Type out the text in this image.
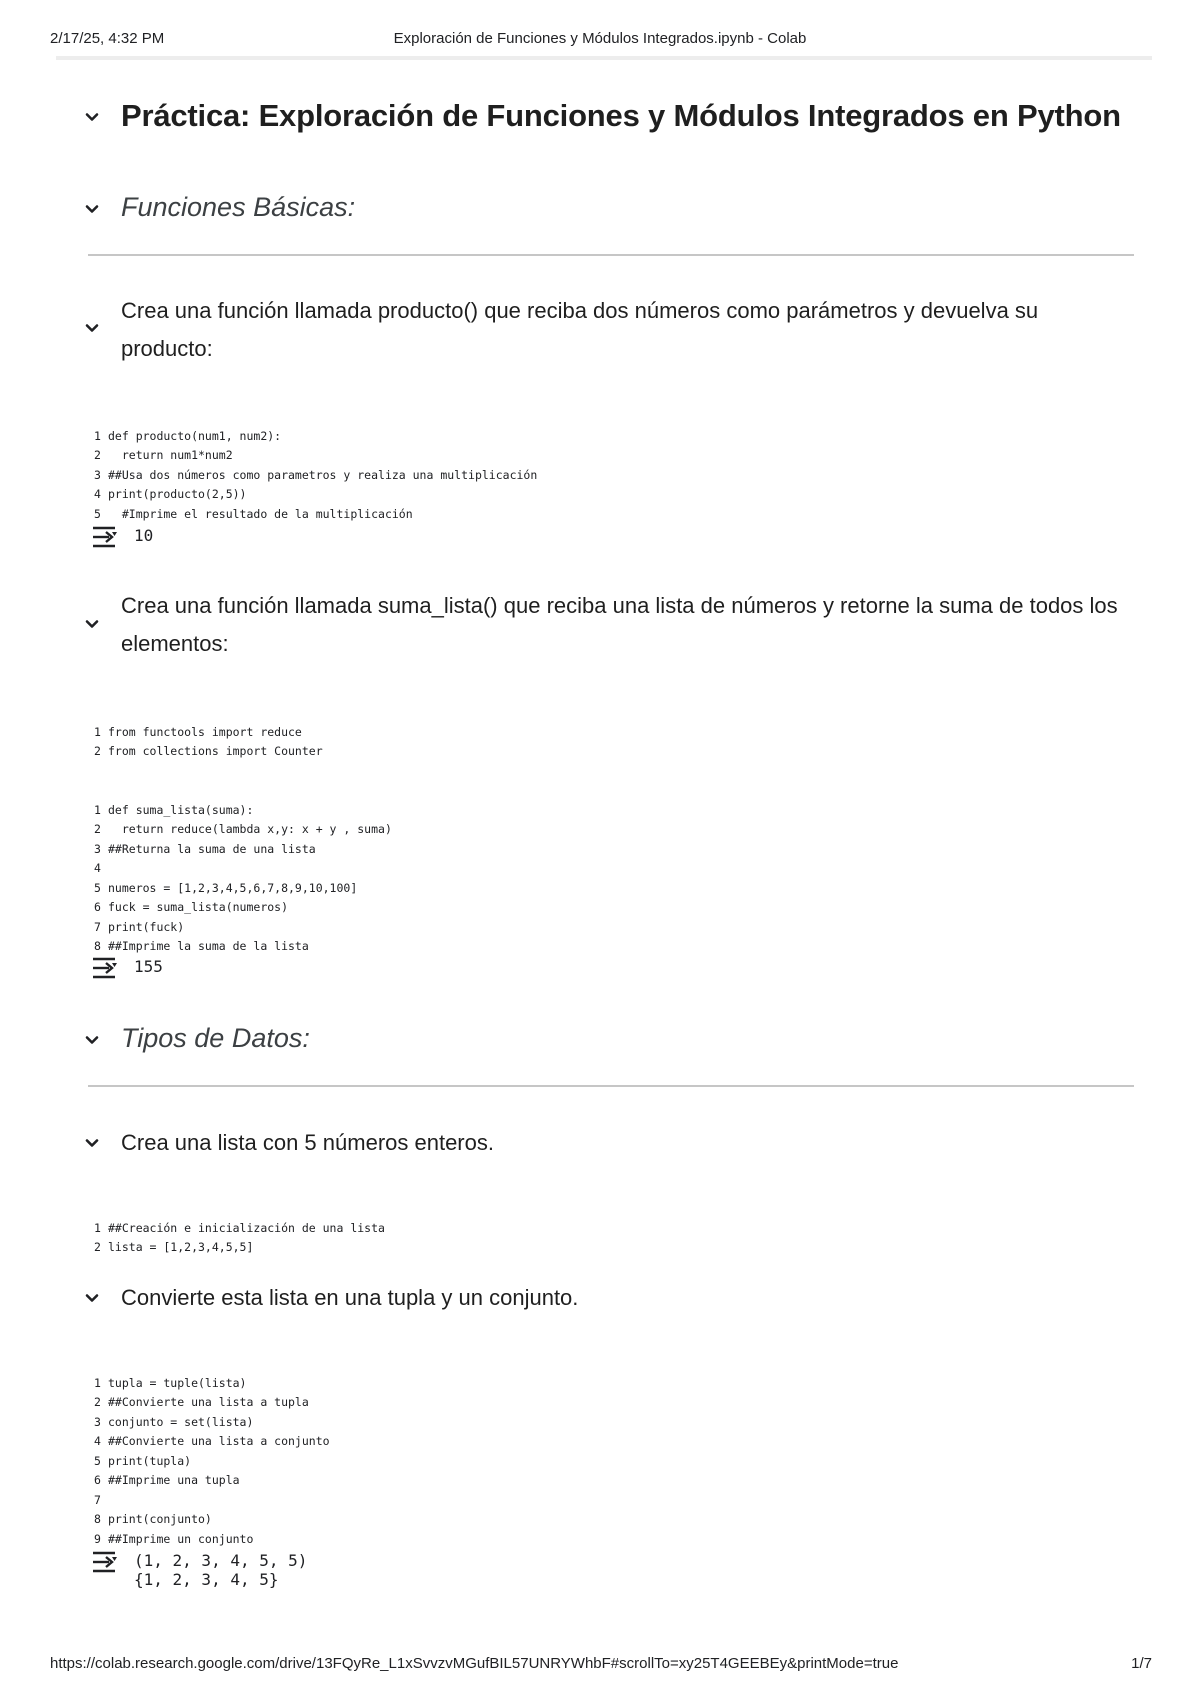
2/17/25, 4:32 PM	Exploración de Funciones y Módulos Integrados.ipynb - Colab
Práctica: Exploración de Funciones y Módulos Integrados en Python
Funciones Básicas:
Crea una función llamada producto() que reciba dos números como parámetros y devuelva su producto:

1 def producto(num1, num2):
2  return num1*num2
3 ##Usa dos números como parametros y realiza una multiplicación
4 print(producto(2,5))
5  #Imprime el resultado de la multiplicación

10
Crea una función llamada suma_lista() que reciba una lista de números y retorne la suma de todos los elementos:

1 from functools import reduce
2 from collections import Counter

1 def suma_lista(suma):
2  return reduce(lambda x,y: x + y , suma)
3 ##Returna la suma de una lista
4
5 numeros = [1,2,3,4,5,6,7,8,9,10,100]
6 fuck = suma_lista(numeros)
7 print(fuck)
8 ##Imprime la suma de la lista

155
Tipos de Datos:
Crea una lista con 5 números enteros.

1 ##Creación e inicialización de una lista
2 lista = [1,2,3,4,5,5]

Convierte esta lista en una tupla y un conjunto.

1 tupla = tuple(lista)
2 ##Convierte una lista a tupla
3 conjunto = set(lista)
4 ##Convierte una lista a conjunto
5 print(tupla)
6 ##Imprime una tupla
7
8 print(conjunto)
9 ##Imprime un conjunto

(1, 2, 3, 4, 5, 5)
{1, 2, 3, 4, 5}
https://colab.research.google.com/drive/13FQyRe_L1xSvvzvMGufBIL57UNRYWhbF#scrollTo=xy25T4GEEBEy&printMode=true	1/7
